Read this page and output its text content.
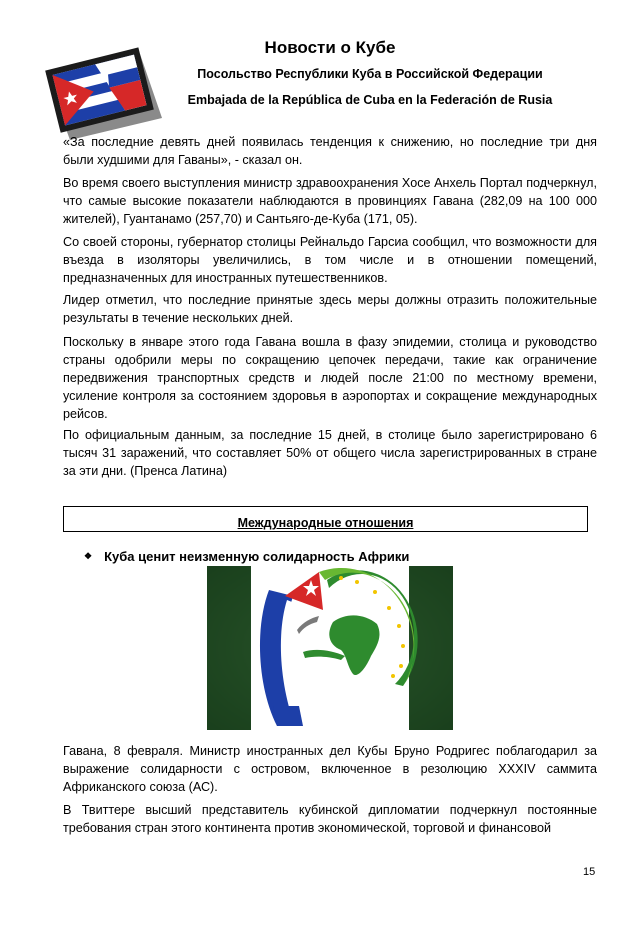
Новости о Кубе
Посольство Республики Куба в Российской Федерации
Embajada de la República de Cuba en la Federación de Rusia

«За последние девять дней появилась тенденция к снижению, но последние три дня были худшими для Гаваны», - сказал он.

Во время своего выступления министр здравоохранения Хосе Анхель Портал подчеркнул, что самые высокие показатели наблюдаются в провинциях Гавана (282,09 на 100 000 жителей), Гуантанамо (257,70) и Сантьяго-де-Куба (171, 05).

Со своей стороны, губернатор столицы Рейнальдо Гарсиа сообщил, что возможности для въезда в изоляторы увеличились, в том числе и в отношении помещений, предназначенных для иностранных путешественников.

Лидер отметил, что последние принятые здесь меры должны отразить положительные результаты в течение нескольких дней.

Поскольку в январе этого года Гавана вошла в фазу эпидемии, столица и руководство страны одобрили меры по сокращению цепочек передачи, такие как ограничение передвижения транспортных средств и людей после 21:00 по местному времени, усиление контроля за состоянием здоровья в аэропортах и сокращение международных рейсов.

По официальным данным, за последние 15 дней, в столице было зарегистрировано 6 тысяч 31 заражений, что составляет 50% от общего числа зарегистрированных в стране за эти дни. (Пренса Латина)

Международные отношения
❖ Куба ценит неизменную солидарность Африки

Гавана, 8 февраля. Министр иностранных дел Кубы Бруно Родригес поблагодарил за выражение солидарности с островом, включенное в резолюцию XXXIV саммита Африканского союза (АС).

В Твиттере высший представитель кубинской дипломатии подчеркнул постоянные требования стран этого континента против экономической, торговой и финансовой

15
